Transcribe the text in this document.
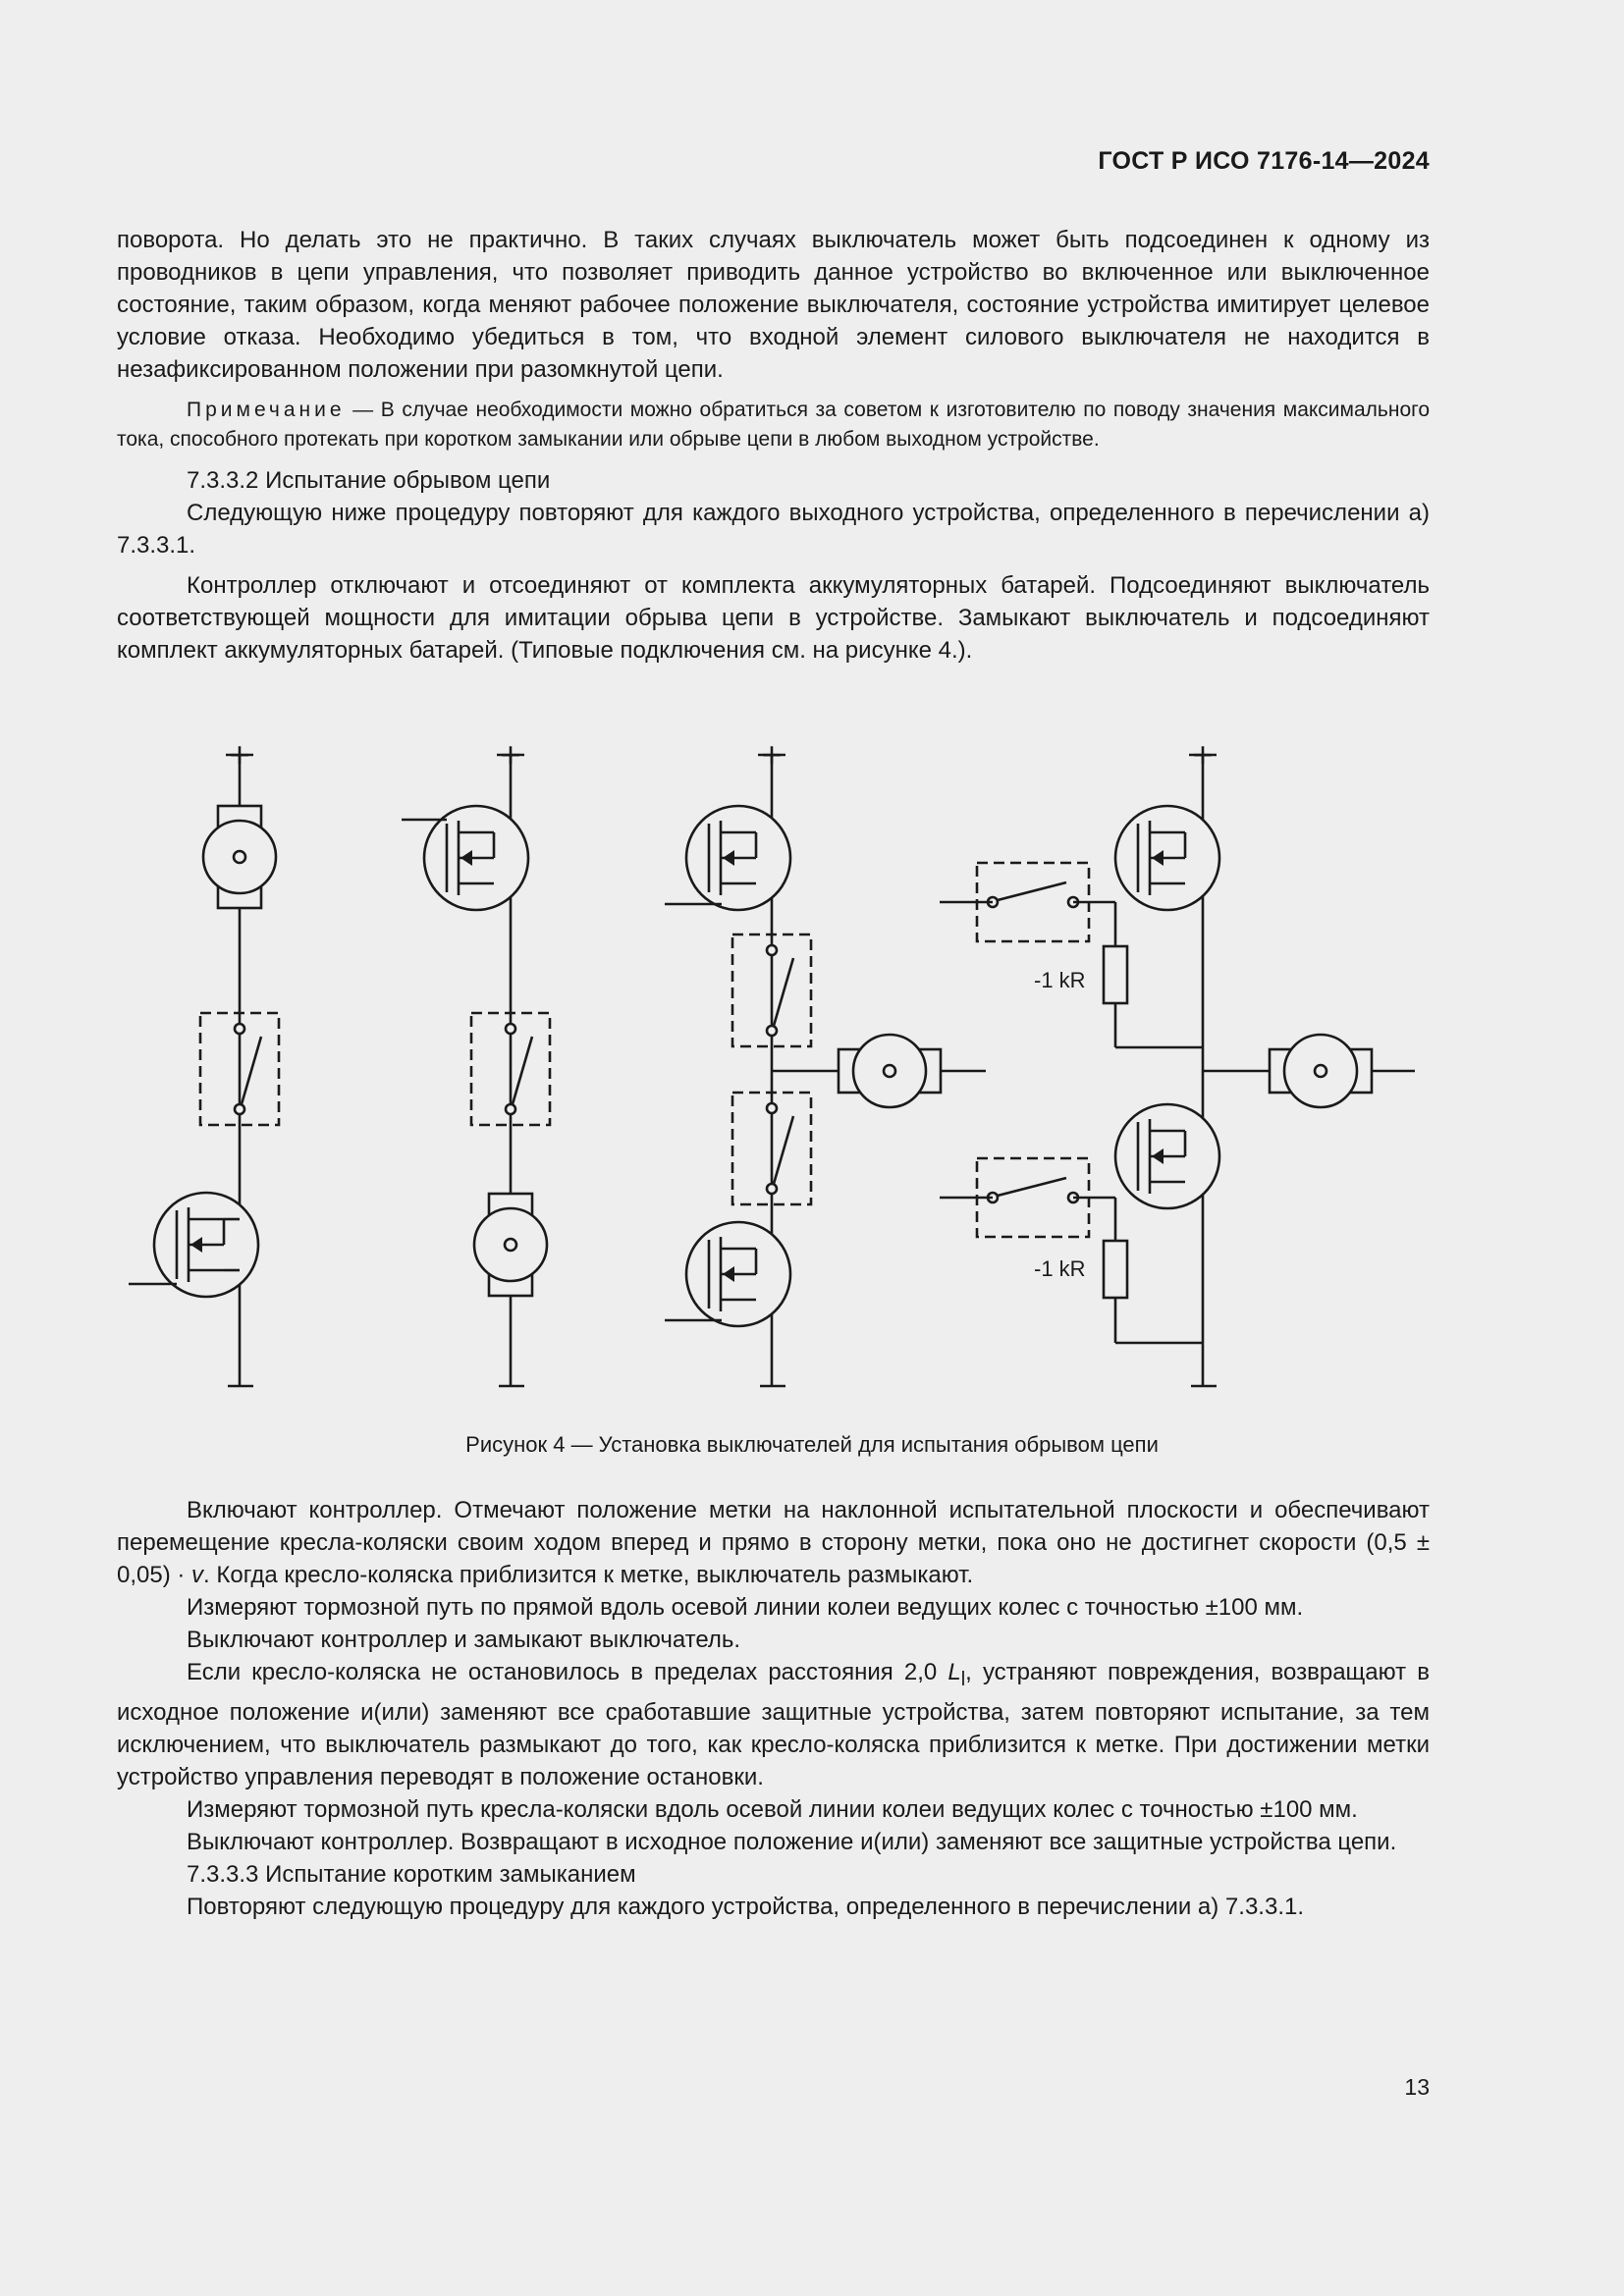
ГОСТ Р ИСО 7176-14—2024

поворота. Но делать это не практично. В таких случаях выключатель может быть подсоединен к одному из проводников в цепи управления, что позволяет приводить данное устройство во включенное или выключенное состояние, таким образом, когда меняют рабочее положение выключателя, состояние устройства имитирует целевое условие отказа. Необходимо убедиться в том, что входной элемент силового выключателя не находится в незафиксированном положении при разомкнутой цепи.

Примечание — В случае необходимости можно обратиться за советом к изготовителю по поводу значения максимального тока, способного протекать при коротком замыкании или обрыве цепи в любом выходном устройстве.

7.3.3.2 Испытание обрывом цепи

Следующую ниже процедуру повторяют для каждого выходного устройства, определенного в перечислении а) 7.3.3.1.

Контроллер отключают и отсоединяют от комплекта аккумуляторных батарей. Подсоединяют выключатель соответствующей мощности для имитации обрыва цепи в устройстве. Замыкают выключатель и подсоединяют комплект аккумуляторных батарей. (Типовые подключения см. на рисунке 4.).

+	+	+	+
-1 kR
-1 kR
Рисунок 4 — Установка выключателей для испытания обрывом цепи

Включают контроллер. Отмечают положение метки на наклонной испытательной плоскости и обеспечивают перемещение кресла-коляски своим ходом вперед и прямо в сторону метки, пока оно не достигнет скорости (0,5 ± 0,05) · v. Когда кресло-коляска приблизится к метке, выключатель размыкают.

Измеряют тормозной путь по прямой вдоль осевой линии колеи ведущих колес с точностью ±100 мм.

Выключают контроллер и замыкают выключатель.

Если кресло-коляска не остановилось в пределах расстояния 2,0 $L_l$, устраняют повреждения, возвращают в исходное положение и(или) заменяют все сработавшие защитные устройства, затем повторяют испытание, за тем исключением, что выключатель размыкают до того, как кресло-коляска приблизится к метке. При достижении метки устройство управления переводят в положение остановки.

Измеряют тормозной путь кресла-коляски вдоль осевой линии колеи ведущих колес с точностью ±100 мм.

Выключают контроллер. Возвращают в исходное положение и(или) заменяют все защитные устройства цепи.

7.3.3.3 Испытание коротким замыканием

Повторяют следующую процедуру для каждого устройства, определенного в перечислении а) 7.3.3.1.

13
